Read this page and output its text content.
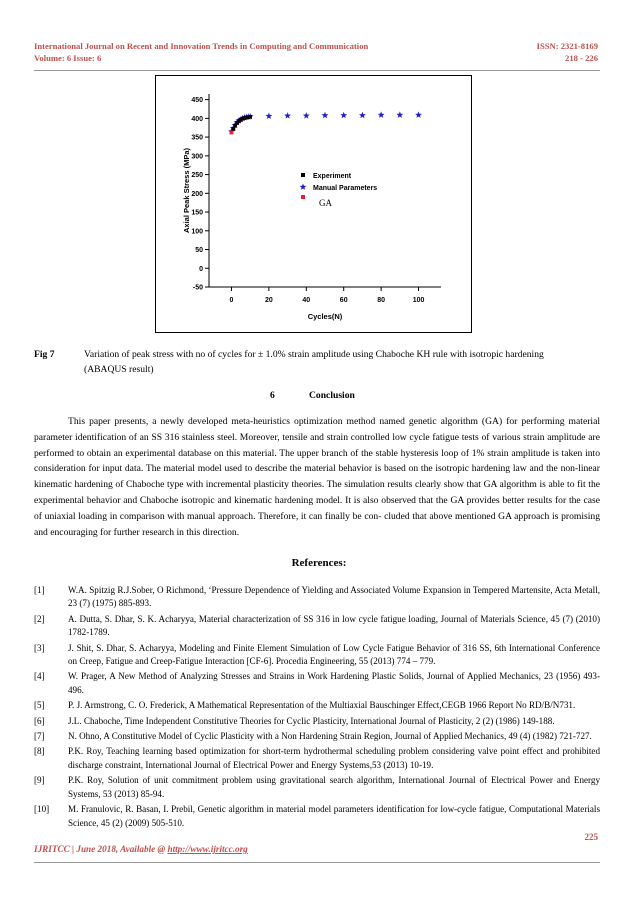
International Journal on Recent and Innovation Trends in Computing and Communication
Volume: 6 Issue: 6
ISSN: 2321-8169
218 - 226
-50
0
50
100
150
200
250
300
350
400
450
0	20	40	60	80	100
Cycles(N)
Axial Peak Stress (MPa)	Experiment
Manual Parameters
GA
Fig 7	Variation of peak stress with no of cycles for ± 1.0% strain amplitude using Chaboche KH rule with isotropic hardening (ABAQUS result)
6	Conclusion
This paper presents, a newly developed meta-heuristics optimization method named genetic algorithm (GA) for performing material parameter identification of an SS 316 stainless steel. Moreover, tensile and strain controlled low cycle fatigue tests of various strain amplitude are performed to obtain an experimental database on this material. The upper branch of the stable hysteresis loop of 1% strain amplitude is taken into consideration for input data. The material model used to describe the material behavior is based on the isotropic hardening law and the non-linear kinematic hardening of Chaboche type with incremental plasticity theories. The simulation results clearly show that GA algorithm is able to fit the experimental behavior and Chaboche isotropic and kinematic hardening model. It is also observed that the GA provides better results for the case of uniaxial loading in comparison with manual approach. Therefore, it can finally be con- cluded that above mentioned GA approach is promising and encouraging for further research in this direction.
References:
[1]	W.A. Spitzig R.J.Sober, O Richmond, ‘Pressure Dependence of Yielding and Associated Volume Expansion in Tempered Martensite, Acta Metall, 23 (7) (1975) 885-893.
[2]	A. Dutta, S. Dhar, S. K. Acharyya, Material characterization of SS 316 in low cycle fatigue loading, Journal of Materials Science, 45 (7) (2010) 1782-1789.
[3]	J. Shit, S. Dhar, S. Acharyya, Modeling and Finite Element Simulation of Low Cycle Fatigue Behavior of 316 SS, 6th International Conference on Creep, Fatigue and Creep-Fatigue Interaction [CF-6]. Procedia Engineering, 55 (2013) 774 – 779.
[4]	W. Prager, A New Method of Analyzing Stresses and Strains in Work Hardening Plastic Solids, Journal of Applied Mechanics, 23 (1956) 493-496.
[5]	P. J. Armstrong, C. O. Frederick, A Mathematical Representation of the Multiaxial Bauschinger Effect,CEGB 1966 Report No RD/B/N731.
[6]	J.L. Chaboche, Time Independent Constitutive Theories for Cyclic Plasticity, International Journal of Plasticity, 2 (2) (1986) 149-188.
[7]	N. Ohno, A Constitutive Model of Cyclic Plasticity with a Non Hardening Strain Region, Journal of Applied Mechanics, 49 (4) (1982) 721-727.
[8]	P.K. Roy, Teaching learning based optimization for short-term hydrothermal scheduling problem considering valve point effect and prohibited discharge constraint, International Journal of Electrical Power and Energy Systems,53 (2013) 10-19.
[9]	P.K. Roy, Solution of unit commitment problem using gravitational search algorithm, International Journal of Electrical Power and Energy Systems, 53 (2013) 85-94.
[10] M. Franulovic, R. Basan, I. Prebil, Genetic algorithm in material model parameters identification for low-cycle fatigue, Computational Materials Science, 45 (2) (2009) 505-510.
225
IJRITCC | June 2018, Available @ http://www.ijritcc.org
